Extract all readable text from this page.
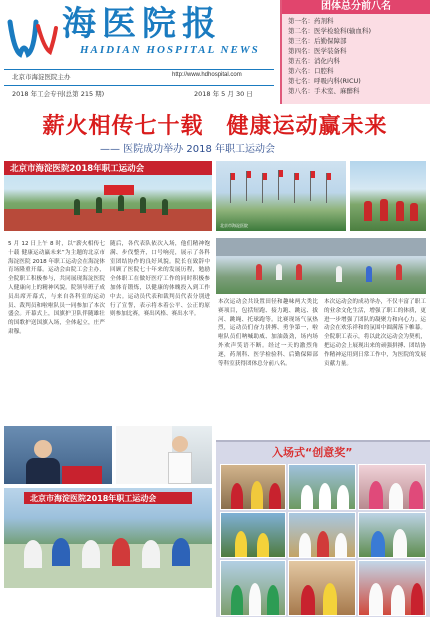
海医院报
HAIDIAN HOSPITAL NEWS
北京市海淀医院主办	http://www.hdhospital.com
2018 年工会专刊(总第 215 期)	2018 年 5 月 30 日
团体总分前八名
第一名：药剂科
第二名：医学检验科(输血科)
第三名：后勤保障部
第四名：医学装备科
第五名：消化内科
第六名：口腔科
第七名：呼吸内科(RICU)
第八名：手术室、麻醉科
薪火相传七十载　健康运动赢未来
—— 医院成功举办 2018 年职工运动会
北京市海淀医院2018年职工运动会
北京市海淀医院
5 月 12 日上午 8 时，以“薪火相传七十载 健康运动赢未来”为主题的北京市海淀医院 2018 年职工运动会在海淀体育场隆重开幕。运动会由院工会主办，全院职工积极参与，共同展现海淀医院人健康向上的精神风貌。院领导班子成员出席开幕式，与来自各科室的运动员、裁判员和啦啦队员一同参加了本次盛会。开幕式上，国旗护卫队伴随雄壮的国歌护送国旗入场，全体起立，庄严肃穆。
随后，各代表队依次入场，他们精神饱满、步伐整齐，口号响亮，展示了各科室团结协作的良好风貌。院长在致辞中回顾了医院七十年来的发展历程，勉励全体职工在做好医疗工作的同时积极参加体育锻炼，以健康的体魄投入到工作中去。运动员代表和裁判员代表分别进行了宣誓，表示将本着公平、公正的原则参加比赛，赛出风格、赛出水平。
本次运动会共设置田径和趣味两大类比赛项目，包括短跑、接力跑、跳远、拔河、跳绳、托球跑等。比赛现场气氛热烈，运动员们奋力拼搏、勇争第一，啦啦队员们呐喊助威、加油鼓劲，场内场外欢声笑语不断。经过一天的激烈角逐，药剂科、医学检验科、后勤保障部等科室获得团体总分前八名。
本次运动会的成功举办，不仅丰富了职工的业余文化生活，增强了职工的体质，更进一步增强了团队的凝聚力和向心力。运动会在欢乐祥和的氛围中圆满落下帷幕。全院职工表示，将以此次运动会为契机，把运动会上展现出来的顽强拼搏、团结协作精神运用到日常工作中，为医院的发展贡献力量。
北京市海淀医院2018年职工运动会
入场式“创意奖”
